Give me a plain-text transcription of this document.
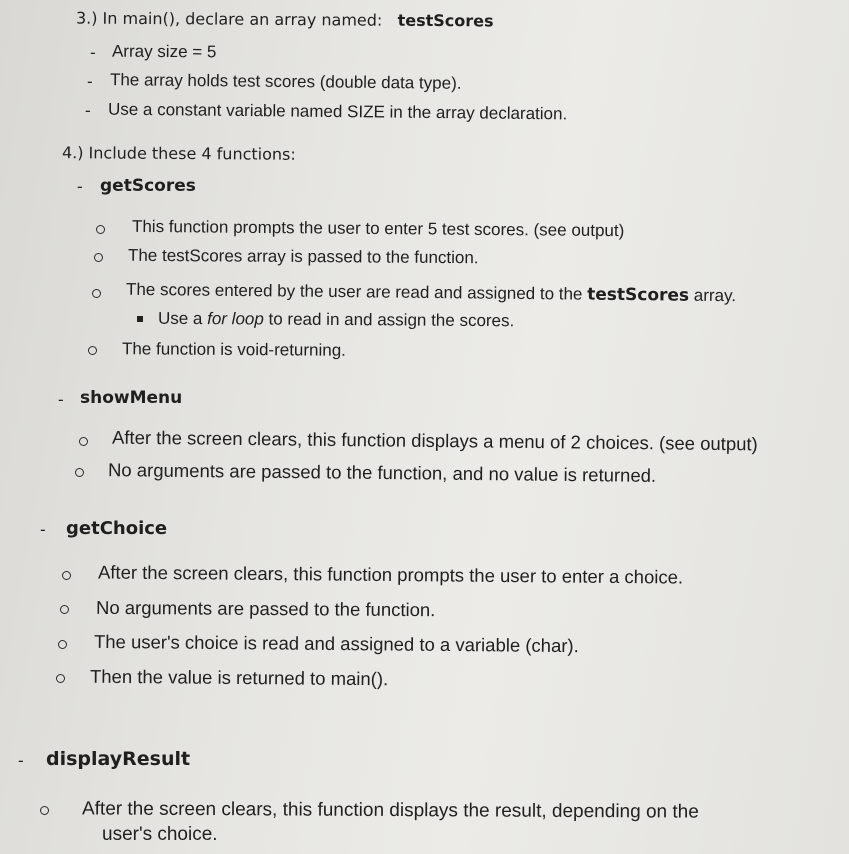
3.) In main(), declare an array named: testScores
- Array size = 5
- The array holds test scores (double data type).
- Use a constant variable named SIZE in the array declaration.
4.) Include these 4 functions:
- getScores
This function prompts the user to enter 5 test scores. (see output)
The testScores array is passed to the function.
The scores entered by the user are read and assigned to the testScores array.
Use a for loop to read in and assign the scores.
The function is void-returning.
- showMenu
After the screen clears, this function displays a menu of 2 choices. (see output)
No arguments are passed to the function, and no value is returned.
- getChoice
After the screen clears, this function prompts the user to enter a choice.
No arguments are passed to the function.
The user's choice is read and assigned to a variable (char).
Then the value is returned to main().
- displayResult
After the screen clears, this function displays the result, depending on the
user's choice.
